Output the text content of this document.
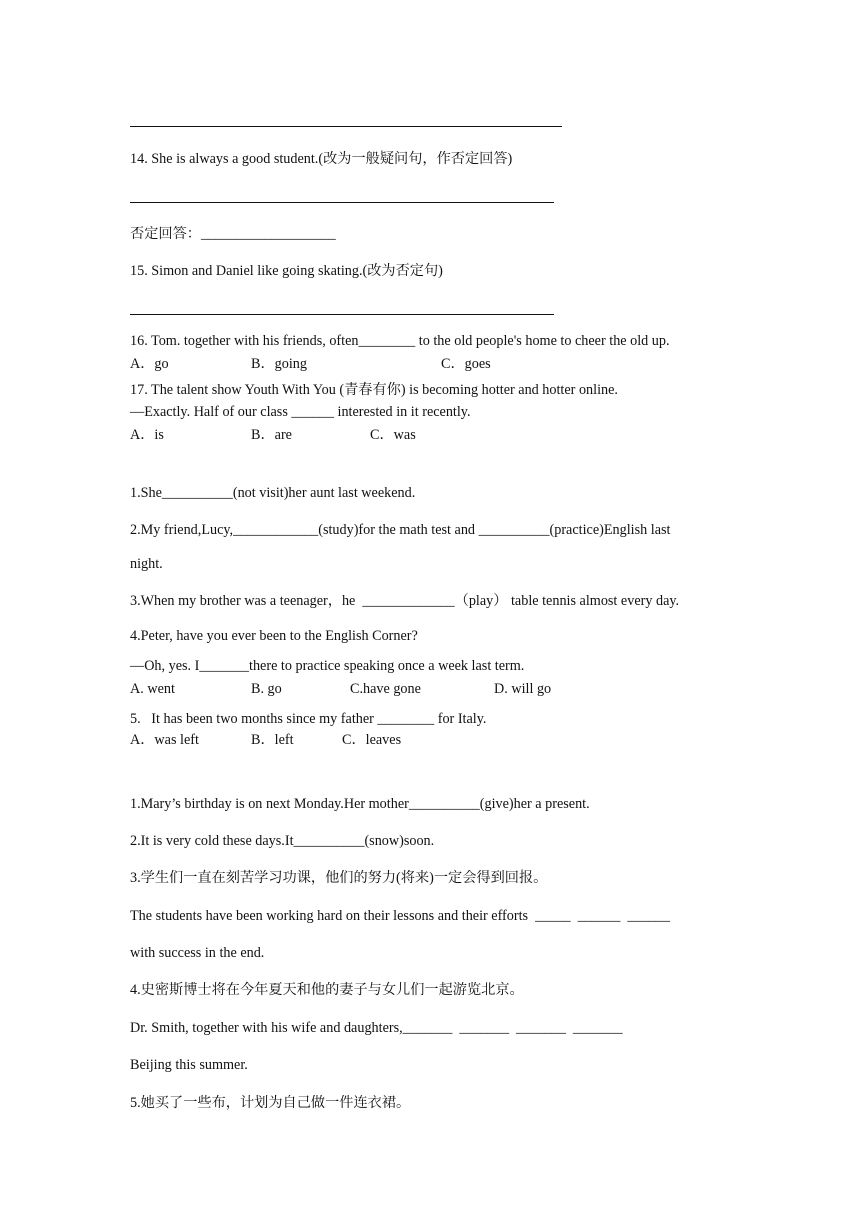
14. She is always a good student.(改为一般疑问句，作否定回答)
否定回答：___________________
15. Simon and Daniel like going skating.(改为否定句)
16. Tom. together with his friends, often________ to the old people's home to cheer the old up.
A．go	B．going	C．goes
17. The talent show Youth With You (青春有你) is becoming hotter and hotter online.
—Exactly. Half of our class ______ interested in it recently.
A．is	B．are	C．was
1.She__________(not visit)her aunt last weekend.
2.My friend,Lucy,____________(study)for the math test and __________(practice)English last
night.
3.When my brother was a teenager，he  _____________（play） table tennis almost every day.
4.Peter, have you ever been to the English Corner?
—Oh, yes. I_______there to practice speaking once a week last term.
A. went	B. go	C.have gone	D. will go
5.   It has been two months since my father ________ for Italy.
A．was left	B．left	C．leaves
1.Mary’s birthday is on next Monday.Her mother__________(give)her a present.
2.It is very cold these days.It__________(snow)soon.
3.学生们一直在刻苦学习功课，他们的努力(将来)一定会得到回报。
The students have been working hard on their lessons and their efforts  _____  ______  ______
with success in the end.
4.史密斯博士将在今年夏天和他的妻子与女儿们一起游览北京。
Dr. Smith, together with his wife and daughters,_______  _______  _______  _______
Beijing this summer.
5.她买了一些布，计划为自己做一件连衣裙。
